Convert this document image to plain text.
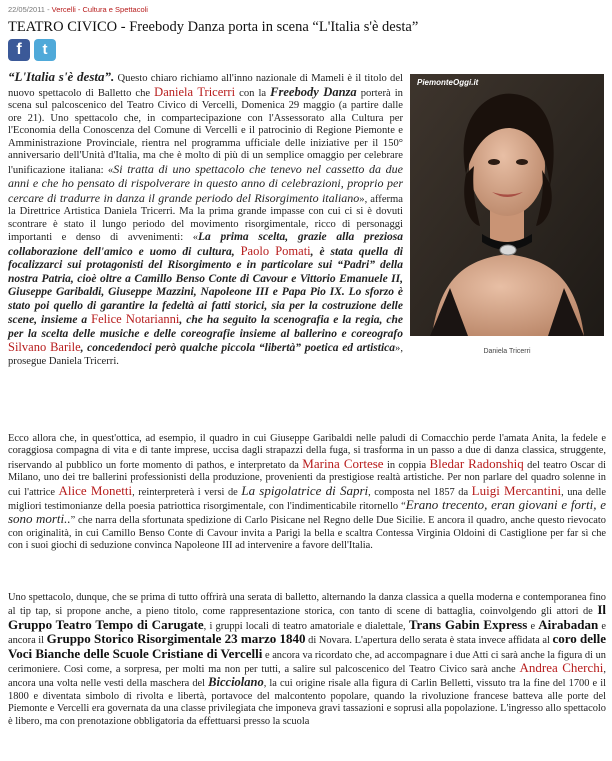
22/05/2011 - Vercelli - Cultura e Spettacoli
TEATRO CIVICO - Freebody Danza porta in scena “L'Italia s'è desta”
f t

“L'Italia s'è desta”. Questo chiaro richiamo all'inno nazionale di Mameli è il titolo del nuovo spettacolo di Balletto che Daniela Tricerri con la Freebody Danza porterà in scena sul palcoscenico del Teatro Civico di Vercelli, Domenica 29 maggio (a partire dalle ore 21). Uno spettacolo che, in compartecipazione con l'Assessorato alla Cultura per l'Economia della Conoscenza del Comune di Vercelli e il patrocinio di Regione Piemonte e Amministrazione Provinciale, rientra nel programma ufficiale delle iniziative per il 150° anniversario dell'Unità d'Italia, ma che è molto di più di un semplice omaggio per celebrare l'unificazione italiana: «Si tratta di uno spettacolo che tenevo nel cassetto da due anni e che ho pensato di rispolverare in questo anno di celebrazioni, proprio per cercare di tradurre in danza il grande periodo del Risorgimento italiano», afferma la Direttrice Artistica Daniela Tricerri. Ma la prima grande impasse con cui ci si è dovuti scontrare è stato il lungo periodo del movimento risorgimentale, ricco di personaggi importanti e denso di avvenimenti: «La prima scelta, grazie alla preziosa collaborazione dell'amico e uomo di cultura, Paolo Pomati, è stata quella di focalizzarci sui protagonisti del Risorgimento e in particolare sui “Padri” della nostra Patria, cioè oltre a Camillo Benso Conte di Cavour e Vittorio Emanuele II, Giuseppe Garibaldi, Giuseppe Mazzini, Napoleone III e Papa Pio IX. Lo sforzo è stato poi quello di garantire la fedeltà ai fatti storici, sia per la costruzione delle scene, insieme a Felice Notarianni, che ha seguito la scenografia e la regia, che per la scelta delle musiche e delle coreografie insieme al ballerino e coreografo Silvano Barile, concedendoci però qualche piccola “libertà” poetica ed artistica», prosegue Daniela Tricerri.

PiemonteOggi.it
Daniela Tricerri

Ecco allora che, in quest'ottica, ad esempio, il quadro in cui Giuseppe Garibaldi nelle paludi di Comacchio perde l'amata Anita, la fedele e coraggiosa compagna di vita e di tante imprese, uccisa dagli strapazzi della fuga, si trasforma in un passo a due di danza classica, struggente, riservando al pubblico un forte momento di pathos, e interpretato da Marina Cortese in coppia Bledar Radonshiq del teatro Oscar di Milano, uno dei tre ballerini professionisti della produzione, provenienti da prestigiose realtà artistiche. Per non parlare del quadro solenne in cui l'attrice Alice Monetti, reinterpreterà i versi de La spigolatrice di Sapri, composta nel 1857 da Luigi Mercantini, una delle migliori testimonianze della poesia patriottica risorgimentale, con l'indimenticabile ritornello “Erano trecento, eran giovani e forti, e sono morti..” che narra della sfortunata spedizione di Carlo Pisicane nel Regno delle Due Sicilie. E ancora il quadro, anche questo rievocato con originalità, in cui Camillo Benso Conte di Cavour invita a Parigi la bella e scaltra Contessa Virginia Oldoini di Castiglione per far sì che con i suoi giochi di seduzione convinca Napoleone III ad intervenire a favore dell'Italia.

Uno spettacolo, dunque, che se prima di tutto offrirà una serata di balletto, alternando la danza classica a quella moderna e contemporanea fino al tip tap, si propone anche, a pieno titolo, come rappresentazione storica, con tanto di scene di battaglia, coinvolgendo gli attori de Il Gruppo Teatro Tempo di Carugate, i gruppi locali di teatro amatoriale e dialettale, Trans Gabin Express e Airabadan e ancora il Gruppo Storico Risorgimentale 23 marzo 1840 di Novara. L'apertura dello serata è stata invece affidata al coro delle Voci Bianche delle Scuole Cristiane di Vercelli e ancora va ricordato che, ad accompagnare i due Atti ci sarà anche la figura di un cerimoniere. Così come, a sorpresa, per molti ma non per tutti, a salire sul palcoscenico del Teatro Civico sarà anche Andrea Cherchi, ancora una volta nelle vesti della maschera del Bicciolano, la cui origine risale alla figura di Carlin Belletti, vissuto tra la fine del 1700 e il 1800 e diventata simbolo di rivolta e libertà, portavoce del malcontento popolare, quando la rivoluzione francese batteva alle porte del Piemonte e Vercelli era governata da una classe privilegiata che imponeva gravi tassazioni e soprusi alla popolazione. L'ingresso allo spettacolo è libero, ma con prenotazione obbligatoria da effettuarsi presso la scuola
